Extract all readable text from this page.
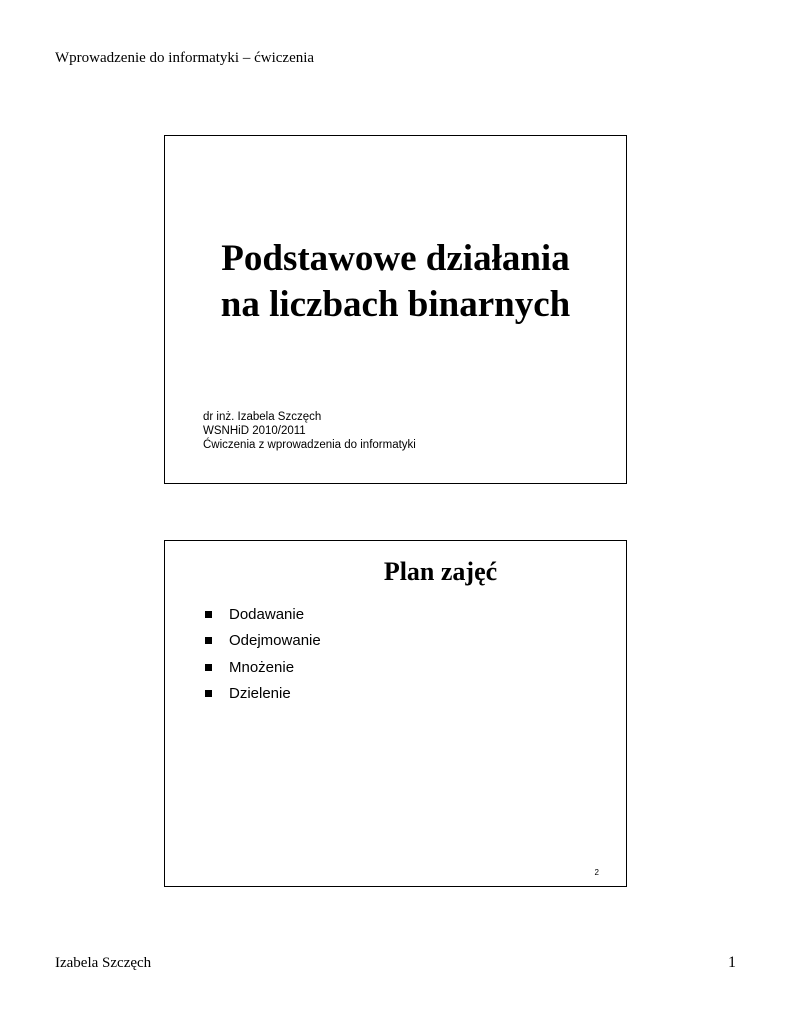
Wprowadzenie do informatyki – ćwiczenia
Podstawowe działania
na liczbach binarnych
dr inż. Izabela Szczęch
WSNHiD 2010/2011
Ćwiczenia z wprowadzenia do informatyki
Plan zajęć
Dodawanie
Odejmowanie
Mnożenie
Dzielenie
2
Izabela Szczęch	1
